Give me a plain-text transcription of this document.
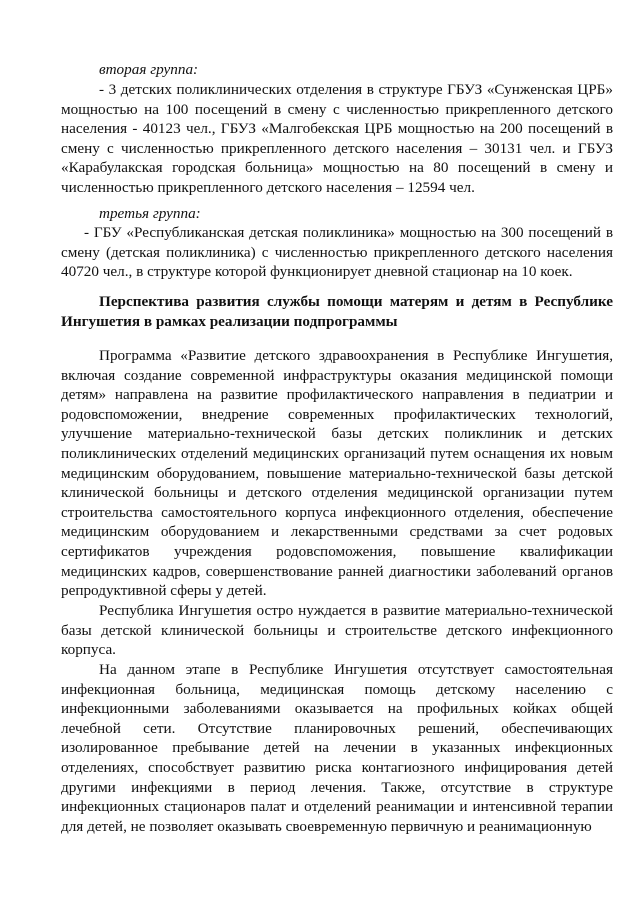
вторая группа:

- 3 детских поликлинических отделения в структуре ГБУЗ «Сунженская ЦРБ» мощностью на 100 посещений в смену с численностью прикрепленного детского населения - 40123 чел., ГБУЗ «Малгобекская ЦРБ мощностью на 200 посещений в смену с численностью прикрепленного детского населения – 30131 чел. и ГБУЗ «Карабулакская городская больница» мощностью на 80 посещений в смену и численностью прикрепленного детского населения – 12594 чел.

третья группа:

- ГБУ «Республиканская детская поликлиника» мощностью на 300 посещений в смену (детская поликлиника) с численностью прикрепленного детского населения 40720 чел., в структуре которой функционирует дневной стационар на 10 коек.

Перспектива развития службы помощи матерям и детям в Республике Ингушетия в рамках реализации подпрограммы

Программа «Развитие детского здравоохранения в Республике Ингушетия, включая создание современной инфраструктуры оказания медицинской помощи детям» направлена на развитие профилактического направления в педиатрии и родовспоможении, внедрение современных профилактических технологий, улучшение материально-технической базы детских поликлиник и детских поликлинических отделений медицинских организаций путем оснащения их новым медицинским оборудованием, повышение материально-технической базы детской клинической больницы и детского отделения медицинской организации путем строительства самостоятельного корпуса инфекционного отделения, обеспечение медицинским оборудованием и лекарственными средствами за счет родовых сертификатов учреждения родовспоможения, повышение квалификации медицинских кадров, совершенствование ранней диагностики заболеваний органов репродуктивной сферы у детей.

Республика Ингушетия остро нуждается в развитие материально-технической базы детской клинической больницы и строительстве детского инфекционного корпуса.

На данном этапе в Республике Ингушетия отсутствует самостоятельная инфекционная больница, медицинская помощь детскому населению с инфекционными заболеваниями оказывается на профильных койках общей лечебной сети. Отсутствие планировочных решений, обеспечивающих изолированное пребывание детей на лечении в указанных инфекционных отделениях, способствует развитию риска контагиозного инфицирования детей другими инфекциями в период лечения. Также, отсутствие в структуре инфекционных стационаров палат и отделений реанимации и интенсивной терапии для детей, не позволяет оказывать своевременную первичную и реанимационную
